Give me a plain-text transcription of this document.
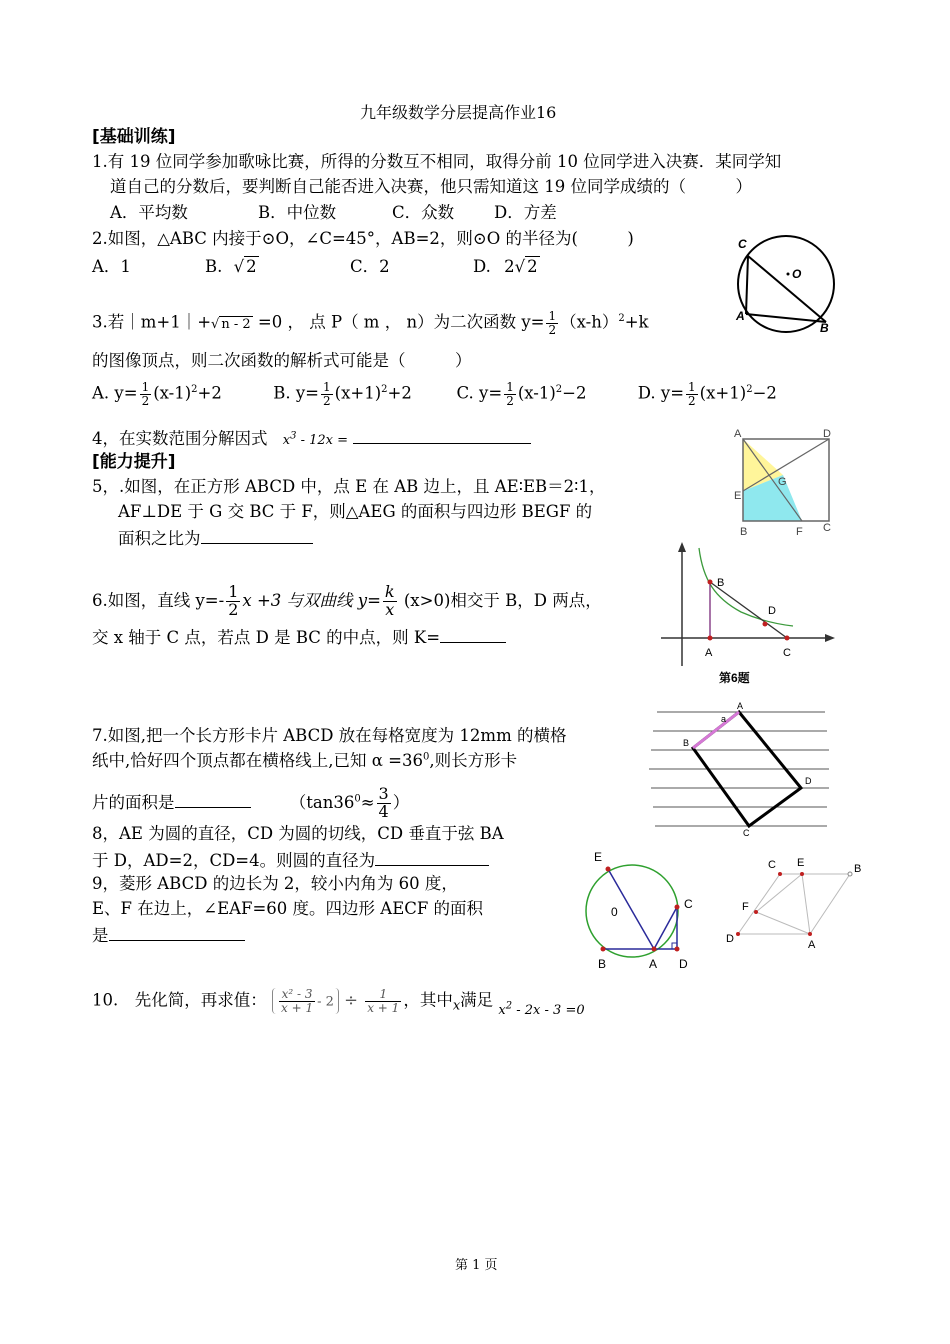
九年级数学分层提高作业16
[基础训练]
1.有 19 位同学参加歌咏比赛，所得的分数互不相同，取得分前 10 位同学进入决赛．某同学知
道自己的分数后，要判断自己能否进入决赛，他只需知道这 19 位同学成绩的（　　　）
A．平均数	B．中位数	C．众数 D．方差
2.如图，△ABC 内接于⊙O，∠C=45°，AB=2，则⊙O 的半径为(　　　)
A．1	B. √ 2	C．2	D. 2√ 2
3.若｜m+1｜+√ n - 2 =0 ， 点 P（ m ， n）为二次函数 $y= \frac{1}{2} (x-h)^2+k$
的图像顶点，则二次函数的解析式可能是（　　　）
A. $y= \frac{1}{2} (x-1)^2+2$	B. $y= \frac{1}{2} (x+1)^2+2$	C. $y= \frac{1}{2} (x-1)^2-2$	D. $y= \frac{1}{2} (x+1)^2-2$
4，在实数范围分解因式 $x^3 - 12x$ =
[能力提升]
5，.如图，在正方形 ABCD 中，点 E 在 AB 边上，且 AE∶EB＝2∶1，
AF⊥DE 于 G 交 BC 于 F，则△AEG 的面积与四边形 BEGF 的
面积之比为
6.如图，直线 $y=- \frac{1}{2}$ x +3 与双曲线 $y= \frac{k}{x} (x>0)$相交于 B，D 两点，
交 x 轴于 C 点，若点 D 是 BC 的中点，则 K=
7.如图,把一个长方形卡片 ABCD 放在每格宽度为 12mm 的横格
纸中,恰好四个顶点都在横格线上,已知 $\alpha =36^0$,则长方形卡
片的面积是	（$\tan 36^0\approx \frac{3}{4}$ ）
8，AE 为圆的直径，CD 为圆的切线，CD 垂直于弦 BA
于 D，AD=2，CD=4。则圆的直径为
9，菱形 ABCD 的边长为 2，较小内角为 60 度，
E、F 在边上，∠EAF=60 度。四边形 AECF 的面积
是
10.　先化简，再求值： $\frac{\text{x² - 3}}{x + 1} - 2 \div \frac{1}{x + 1}$ ，其中$_x$满足 $_{x^2 - 2x - 3 =0}$
第 1 页
C
O
A
B
A	D
E
G
B	F C
B
D
A	C
第6题
A
a
B
D
C
E
0
C
B	A D
C E	B
F
D	A
